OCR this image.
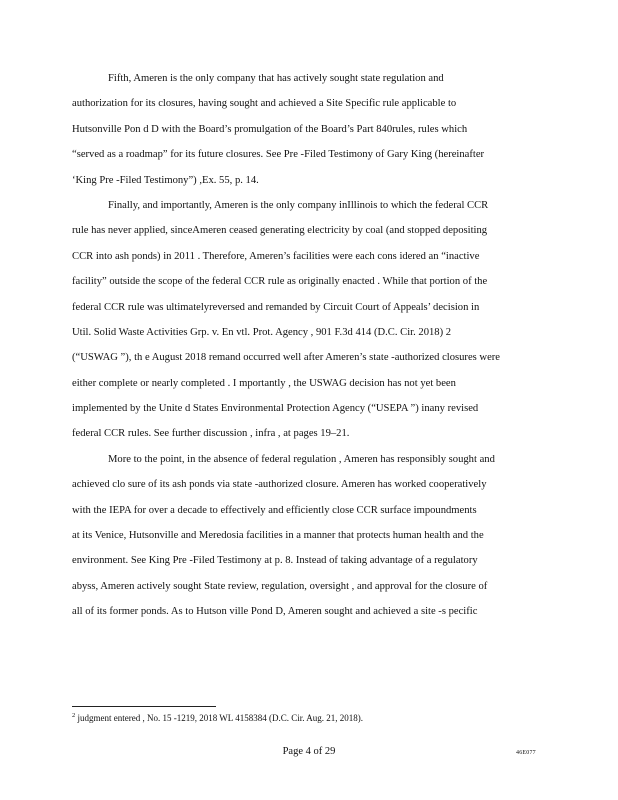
Fifth, Ameren is the only company that has actively sought state regulation and
authorization for its closures, having sought and achieved a Site Specific rule applicable to
Hutsonville Pon d D with the Board’s promulgation of the Board’s Part 840rules, rules which
“served as a roadmap” for its future closures. See Pre -Filed Testimony of Gary King (hereinafter
‘King Pre -Filed Testimony”) ,Ex. 55, p. 14.
Finally, and importantly, Ameren is the only company inIllinois to which the federal CCR
rule has never applied, sinceAmeren ceased generating electricity by coal (and stopped depositing
CCR into ash ponds) in 2011 . Therefore, Ameren’s facilities were each cons idered an “inactive
facility” outside the scope of the federal CCR rule as originally enacted . While that portion of the
federal CCR rule was ultimatelyreversed and remanded by Circuit Court of Appeals’ decision in
Util. Solid Waste Activities Grp. v. En vtl. Prot. Agency , 901 F.3d 414 (D.C. Cir. 2018) 2
(“USWAG ”), th e August 2018 remand occurred well after Ameren’s state -authorized closures were
either complete or nearly completed . I mportantly , the USWAG decision has not yet been
implemented by the Unite d States Environmental Protection Agency (“USEPA ”) inany revised
federal CCR rules. See further discussion , infra , at pages 19–21.
More to the point, in the absence of federal regulation , Ameren has responsibly sought and
achieved clo sure of its ash ponds via state -authorized closure. Ameren has worked cooperatively
with the IEPA for over a decade to effectively and efficiently close CCR surface impoundments
at its Venice, Hutsonville and Meredosia facilities in a manner that protects human health and the
environment. See King Pre -Filed Testimony at p. 8. Instead of taking advantage of a regulatory
abyss, Ameren actively sought State review, regulation, oversight , and approval for the closure of
all of its former ponds. As to Hutson ville Pond D, Ameren sought and achieved a site -s pecific
$^2$ judgment entered , No. 15 -1219, 2018 WL 4158384 (D.C. Cir. Aug. 21, 2018).
Page 4 of 29	46E077
